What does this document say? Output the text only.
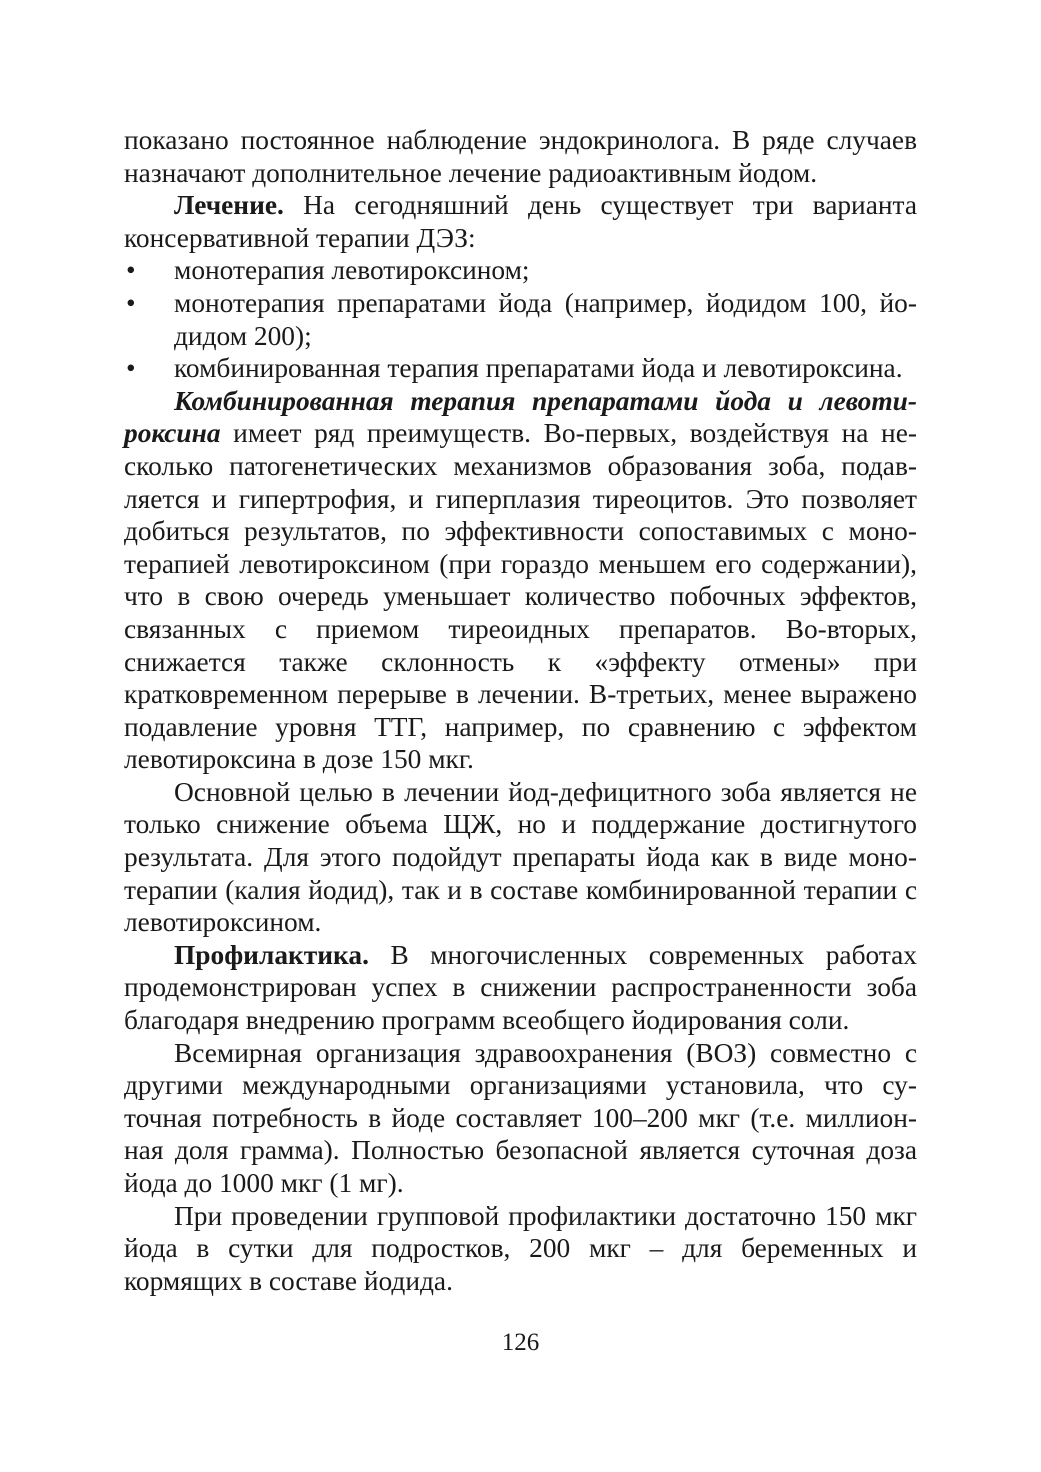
показано постоянное наблюдение эндокринолога. В ряде случаев назначают дополнительное лечение радиоактивным йодом.

Лечение. На сегодняшний день существует три варианта консервативной терапии ДЭЗ:

• монотерапия левотироксином;
• монотерапия препаратами йода (например, йодидом 100, йодидом 200);
• комбинированная терапия препаратами йода и левотироксина.

Комбинированная терапия препаратами йода и левотироксина имеет ряд преимуществ. Во-первых, воздействуя на несколько патогенетических механизмов образования зоба, подавляется и гипертрофия, и гиперплазия тиреоцитов. Это позволяет добиться результатов, по эффективности сопоставимых с монотерапией левотироксином (при гораздо меньшем его содержании), что в свою очередь уменьшает количество побочных эффектов, связанных с приемом тиреоидных препаратов. Во-вторых, снижается также склонность к «эффекту отмены» при кратковременном перерыве в лечении. В-третьих, менее выражено подавление уровня ТТГ, например, по сравнению с эффектом левотироксина в дозе 150 мкг.

Основной целью в лечении йод-дефицитного зоба является не только снижение объема ЩЖ, но и поддержание достигнутого результата. Для этого подойдут препараты йода как в виде монотерапии (калия йодид), так и в составе комбинированной терапии с левотироксином.

Профилактика. В многочисленных современных работах продемонстрирован успех в снижении распространенности зоба благодаря внедрению программ всеобщего йодирования соли.

Всемирная организация здравоохранения (ВОЗ) совместно с другими международными организациями установила, что суточная потребность в йоде составляет 100–200 мкг (т.е. миллионная доля грамма). Полностью безопасной является суточная доза йода до 1000 мкг (1 мг).

При проведении групповой профилактики достаточно 150 мкг йода в сутки для подростков, 200 мкг – для беременных и кормящих в составе йодида.

126
